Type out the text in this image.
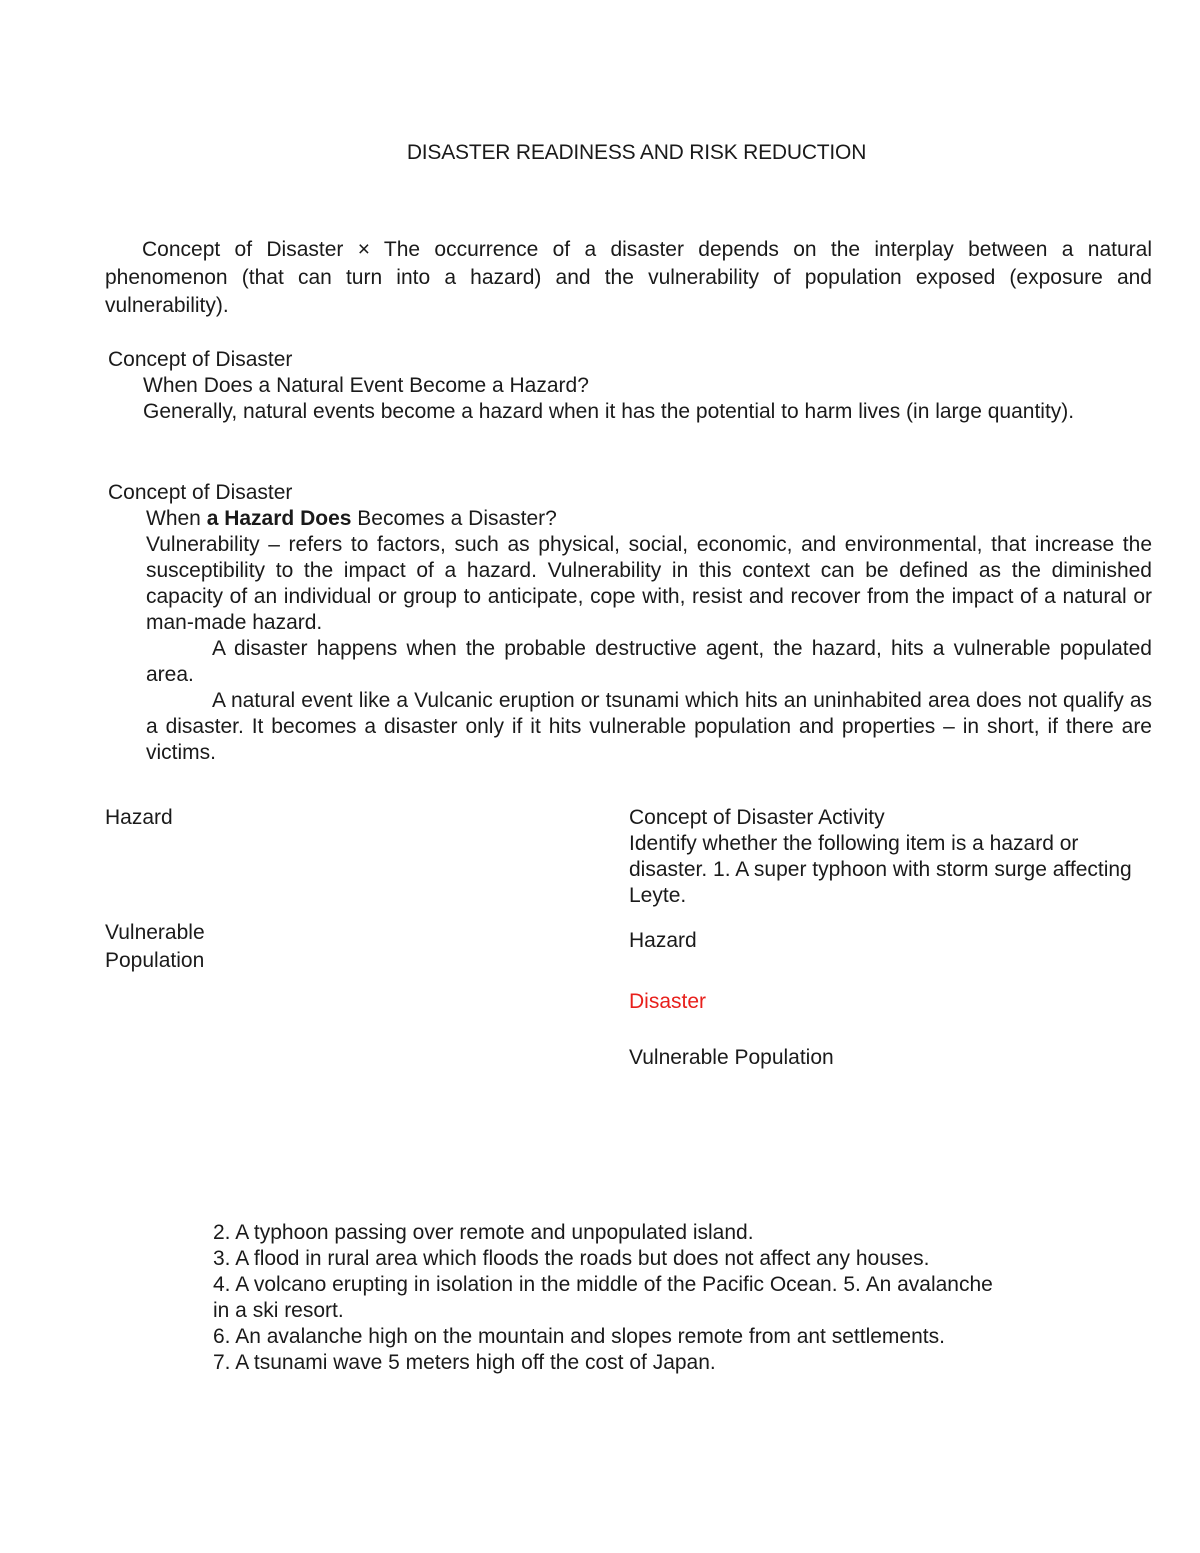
DISASTER READINESS AND RISK REDUCTION

Concept of Disaster × The occurrence of a disaster depends on the interplay between a natural phenomenon (that can turn into a hazard) and the vulnerability of population exposed (exposure and vulnerability).

Concept of Disaster

When Does a Natural Event Become a Hazard?

Generally, natural events become a hazard when it has the potential to harm lives (in large quantity).

Concept of Disaster

When a Hazard Does Becomes a Disaster?

Vulnerability – refers to factors, such as physical, social, economic, and environmental, that increase the susceptibility to the impact of a hazard. Vulnerability in this context can be defined as the diminished capacity of an individual or group to anticipate, cope with, resist and recover from the impact of a natural or man-made hazard.

A disaster happens when the probable destructive agent, the hazard, hits a vulnerable populated area.

A natural event like a Vulcanic eruption or tsunami which hits an uninhabited area does not qualify as a disaster. It becomes a disaster only if it hits vulnerable population and properties – in short, if there are victims.

Hazard
Vulnerable
Population

Concept of Disaster Activity

Identify whether the following item is a hazard or disaster. 1. A super typhoon with storm surge affecting Leyte.

Hazard
Disaster
Vulnerable Population

2. A typhoon passing over remote and unpopulated island.

3. A flood in rural area which floods the roads but does not affect any houses.

4. A volcano erupting in isolation in the middle of the Pacific Ocean. 5. An avalanche in a ski resort.

6. An avalanche high on the mountain and slopes remote from ant settlements.

7. A tsunami wave 5 meters high off the cost of Japan.
